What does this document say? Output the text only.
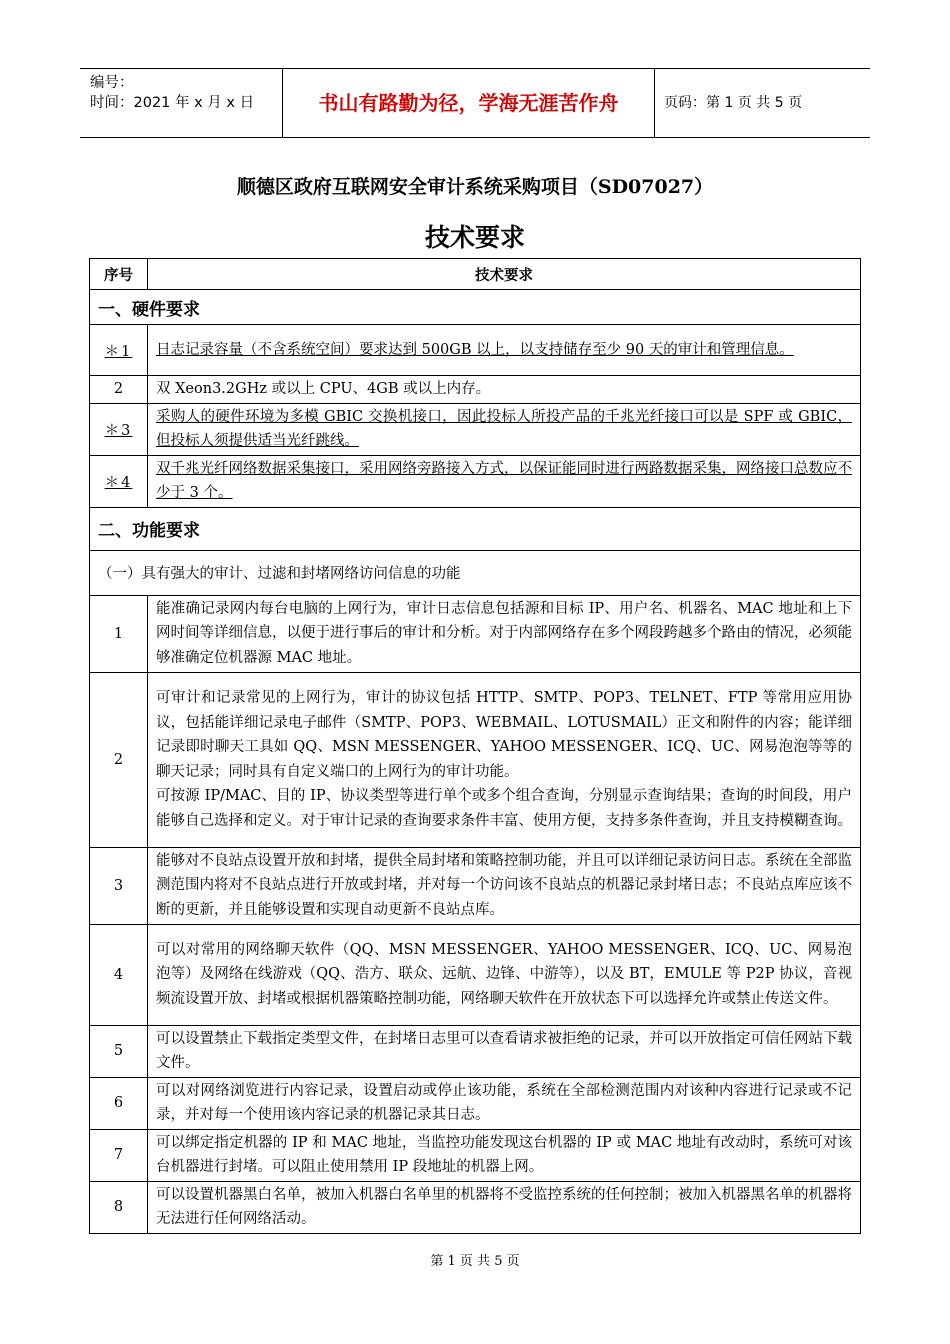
编号：
时间：2021 年 x 月 x 日	书山有路勤为径，学海无涯苦作舟	页码：第 1 页 共 5 页
顺德区政府互联网安全审计系统采购项目（SD07027）
技术要求
序号	技术要求
一、硬件要求	
＊1	日志记录容量（不含系统空间）要求达到 500GB 以上，以支持储存至少 90 天的审计和管理信息。
2	双 Xeon3.2GHz 或以上 CPU、4GB 或以上内存。
＊3	采购人的硬件环境为多模 GBIC 交换机接口，因此投标人所投产品的千兆光纤接口可以是 SPF 或 GBIC，但投标人须提供适当光纤跳线。
＊4	双千兆光纤网络数据采集接口，采用网络旁路接入方式，以保证能同时进行两路数据采集，网络接口总数应不少于 3 个。
二、功能要求	
（一）具有强大的审计、过滤和封堵网络访问信息的功能	
1	能准确记录网内每台电脑的上网行为，审计日志信息包括源和目标 IP、用户名、机器名、MAC 地址和上下网时间等详细信息，以便于进行事后的审计和分析。对于内部网络存在多个网段跨越多个路由的情况，必须能够准确定位机器源 MAC 地址。
2	可审计和记录常见的上网行为，审计的协议包括 HTTP、SMTP、POP3、TELNET、FTP 等常用应用协议，包括能详细记录电子邮件（SMTP、POP3、WEBMAIL、LOTUSMAIL）正文和附件的内容；能详细记录即时聊天工具如 QQ、MSN MESSENGER、YAHOO MESSENGER、ICQ、UC、网易泡泡等等的聊天记录；同时具有自定义端口的上网行为的审计功能。
可按源 IP/MAC、目的 IP、协议类型等进行单个或多个组合查询，分别显示查询结果；查询的时间段，用户能够自己选择和定义。对于审计记录的查询要求条件丰富、使用方便，支持多条件查询，并且支持模糊查询。

3	能够对不良站点设置开放和封堵，提供全局封堵和策略控制功能，并且可以详细记录访问日志。系统在全部监测范围内将对不良站点进行开放或封堵，并对每一个访问该不良站点的机器记录封堵日志；不良站点库应该不断的更新，并且能够设置和实现自动更新不良站点库。
4	可以对常用的网络聊天软件（QQ、MSN MESSENGER、YAHOO MESSENGER、ICQ、UC、网易泡泡等）及网络在线游戏（QQ、浩方、联众、远航、边锋、中游等），以及 BT，EMULE 等 P2P 协议，音视频流设置开放、封堵或根据机器策略控制功能，网络聊天软件在开放状态下可以选择允许或禁止传送文件。
5	可以设置禁止下载指定类型文件，在封堵日志里可以查看请求被拒绝的记录，并可以开放指定可信任网站下载文件。
6	可以对网络浏览进行内容记录，设置启动或停止该功能，系统在全部检测范围内对该种内容进行记录或不记录，并对每一个使用该内容记录的机器记录其日志。
7	可以绑定指定机器的 IP 和 MAC 地址，当监控功能发现这台机器的 IP 或 MAC 地址有改动时，系统可对该台机器进行封堵。可以阻止使用禁用 IP 段地址的机器上网。
8	可以设置机器黑白名单，被加入机器白名单里的机器将不受监控系统的任何控制；被加入机器黑名单的机器将无法进行任何网络活动。
第 1 页 共 5 页
